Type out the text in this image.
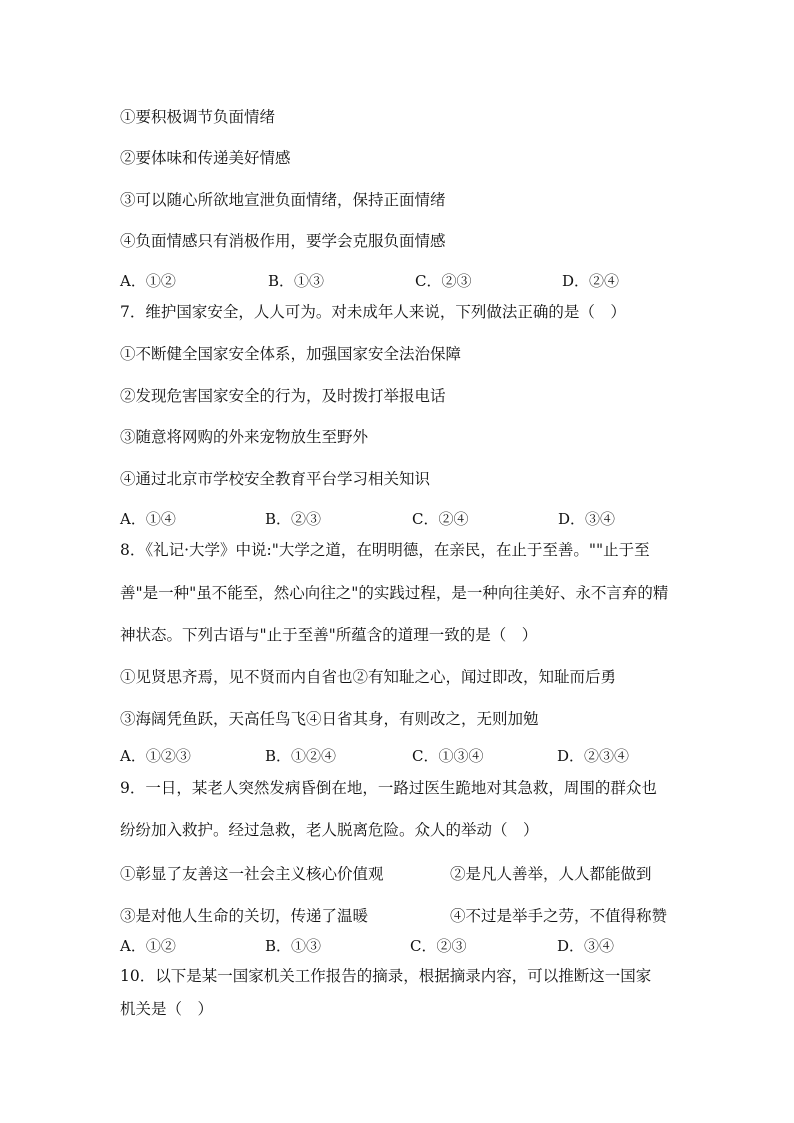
①要积极调节负面情绪
②要体味和传递美好情感
③可以随心所欲地宣泄负面情绪，保持正面情绪
④负面情感只有消极作用，要学会克服负面情感
A．①②	B．①③	C．②③	D．②④
7．维护国家安全，人人可为。对未成年人来说，下列做法正确的是（　）
①不断健全国家安全体系，加强国家安全法治保障
②发现危害国家安全的行为，及时拨打举报电话
③随意将网购的外来宠物放生至野外
④通过北京市学校安全教育平台学习相关知识
A．①④	B．②③	C．②④	D．③④
8．《礼记·大学》中说:"大学之道，在明明德，在亲民，在止于至善。""止于至
善"是一种"虽不能至，然心向往之"的实践过程，是一种向往美好、永不言弃的精
神状态。下列古语与"止于至善"所蕴含的道理一致的是（　）
①见贤思齐焉，见不贤而内自省也②有知耻之心，闻过即改，知耻而后勇
③海阔凭鱼跃，天高任鸟飞④日省其身，有则改之，无则加勉
A．①②③	B．①②④	C．①③④	D．②③④
9．一日，某老人突然发病昏倒在地，一路过医生跪地对其急救，周围的群众也
纷纷加入救护。经过急救，老人脱离危险。众人的举动（　）
①彰显了友善这一社会主义核心价值观	②是凡人善举，人人都能做到
③是对他人生命的关切，传递了温暖	④不过是举手之劳，不值得称赞
A．①②	B．①③	C．②③	D．③④
10．以下是某一国家机关工作报告的摘录，根据摘录内容，可以推断这一国家
机关是（　）
